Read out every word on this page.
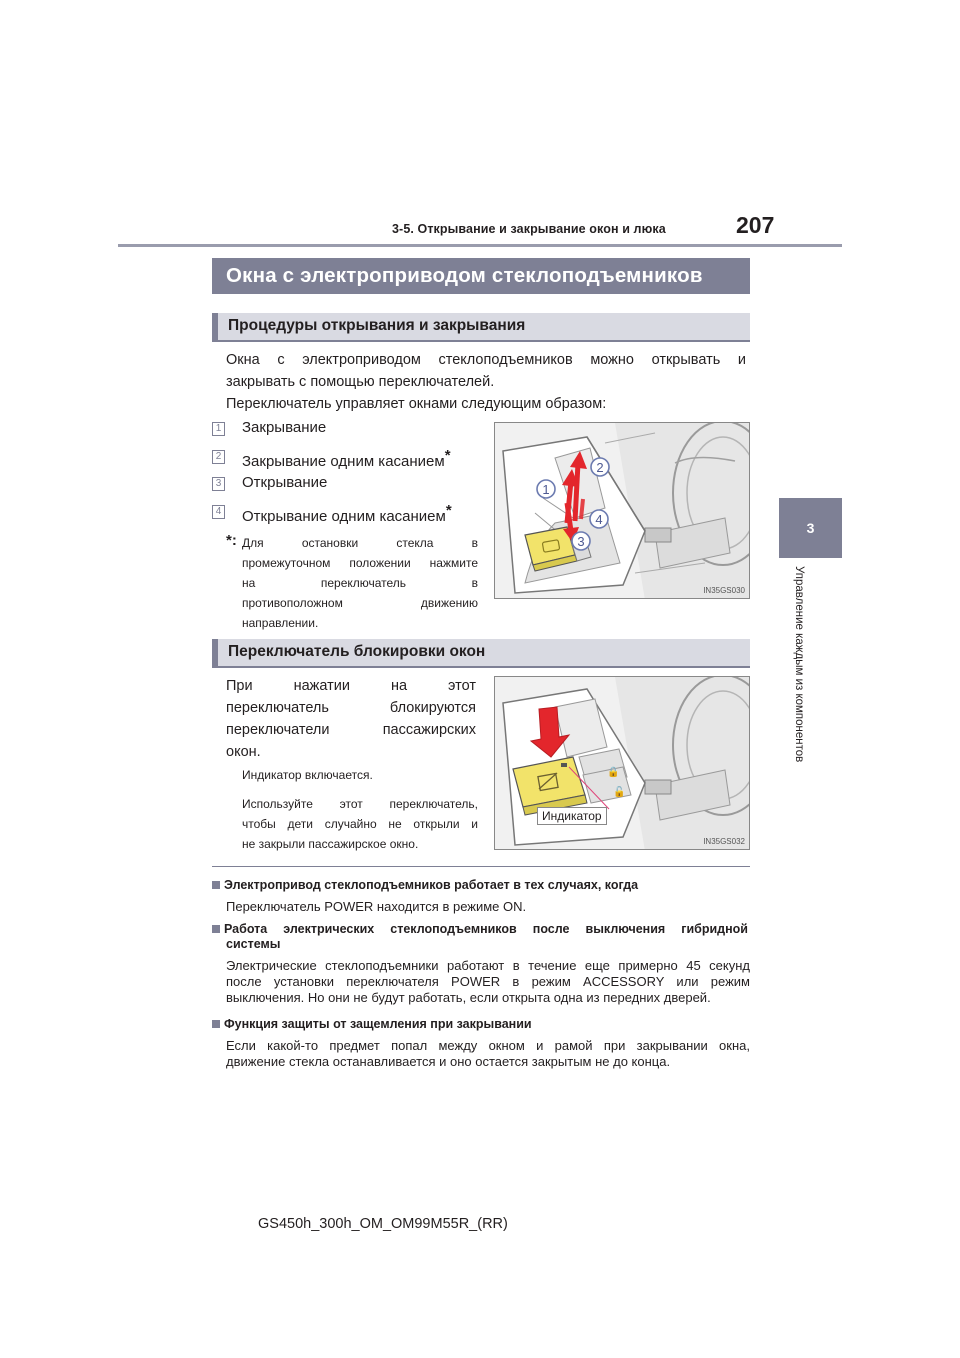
3-5. Открывание и закрывание окон и люка	207
3
Управление каждым из компонентов
Окна с электроприводом стеклоподъемников
Процедуры открывания и закрывания
Окна с электроприводом стеклоподъемников можно открывать и
закрывать с помощью переключателей.
Переключатель управляет окнами следующим образом:
1 Закрывание
2 Закрывание одним касанием*
3 Открывание
4 Открывание одним касанием*
*: Для остановки стекла в
промежуточном положении нажмите
на переключатель в
противоположном движению
направлении.
1
2
3
4
IN35GS030
Переключатель блокировки окон
При нажатии на этот
переключатель блокируются
переключатели пассажирских
окон.
Индикатор включается.
Используйте этот переключатель,
чтобы дети случайно не открыли и
не закрыли пассажирское окно.
🔒
🔓
Индикатор
IN35GS032
Электропривод стеклоподъемников работает в тех случаях, когда
Переключатель POWER находится в режиме ON.
Работа электрических стеклоподъемников после выключения гибридной
системы
Электрические стеклоподъемники работают в течение еще примерно 45 секунд
после установки переключателя POWER в режим ACCESSORY или режим
выключения. Но они не будут работать, если открыта одна из передних дверей.
Функция защиты от защемления при закрывании
Если какой-то предмет попал между окном и рамой при закрывании окна,
движение стекла останавливается и оно остается закрытым не до конца.
GS450h_300h_OM_OM99M55R_(RR)
